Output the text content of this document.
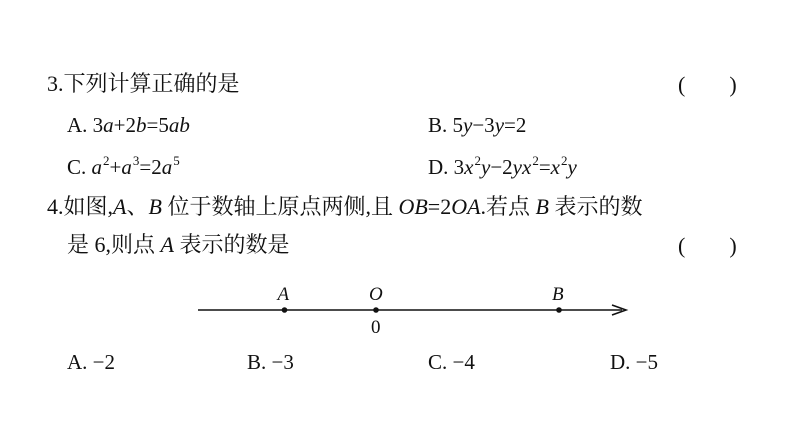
3.下列计算正确的是	(        )
A. 3a+2b=5ab	B. 5y−3y=2
C. $a^2+a^3=2a^5$	D. $3x^2y-2yx^2=x^2y$
4.如图,A、B 位于数轴上原点两侧,且 OB=2OA.若点 B 表示的数
是 6,则点 A 表示的数是	(        )
A	O
0
B
A. −2	B. −3	C. −4	D. −5
